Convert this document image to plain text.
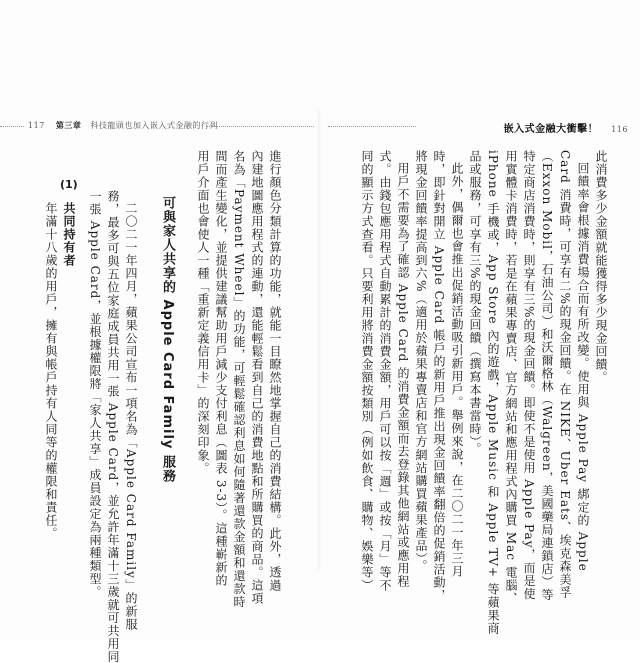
117 第三章 科技龍頭也加入嵌入式金融的行列	嵌入式金融大衝擊！ 116
此消費多少金額就能獲得多少現金回饋。
回饋率會根據消費場合而有所改變。使用與 Apple Pay 綁定的 Apple
Card 消費時，可享有二%的現金回饋。在 NIKE、Uber Eats、埃克森美孚
（Exxon Mobil，石油公司）和沃爾格林（Walgreen，美國藥局連鎖店）等
特定商店消費時，則享有三%的現金回饋。即使不是使用 Apple Pay，而是使
用實體卡消費時，若是在蘋果專賣店、官方網站和應用程式內購買 Mac 電腦、
iPhone 手機或，App Store 內的遊戲，Apple Music 和 Apple TV+ 等蘋果商
品或服務，可享有三%的現金回饋（撰寫本書當時）。
此外，偶爾也會推出促銷活動吸引新用戶。舉例來說，在二〇二一年三月
時，即針對開立 Apple Card 帳戶的新用戶推出現金回饋率翻倍的促銷活動，
將現金回饋率提高到六%（適用於蘋果專賣店和官方網站購買蘋果產品）。
用戶不需要為了確認 Apple Card 的消費金額而去登錄其他網站或應用程
式。由錢包應用程式自動累計的消費金額，用戶可以按「週」或按「月」等不
同的顯示方式查看。只要利用將消費金額按類別（例如飲食、購物、娛樂等）
進行顏色分類計算的功能，就能一目瞭然地掌握自己的消費結構。此外，透過
內建地圖應用程式的連動，還能輕鬆看到自己的消費地點和所購買的商品。這項
名為「Payment Wheel」的功能，可輕鬆確認利息如何隨著還款金額和還款時
間而產生變化，並提供建議幫助用戶減少支付利息（圖表 3-3）。這種嶄新的
用戶介面也會使人一種「重新定義信用卡」的深刻印象。
可與家人共享的 Apple Card Family 服務
二〇二一年四月，蘋果公司宣布一項名為「Apple Card Family」的新服
務，最多可與五位家庭成員共用一張 Apple Card，並允許年滿十三歲就可共用同
一張 Apple Card，並根據權限將「家人共享」成員設定為兩種類型。
(1)
共同持有者
年滿十八歲的用戶，擁有與帳戶持有人同等的權限和責任。
